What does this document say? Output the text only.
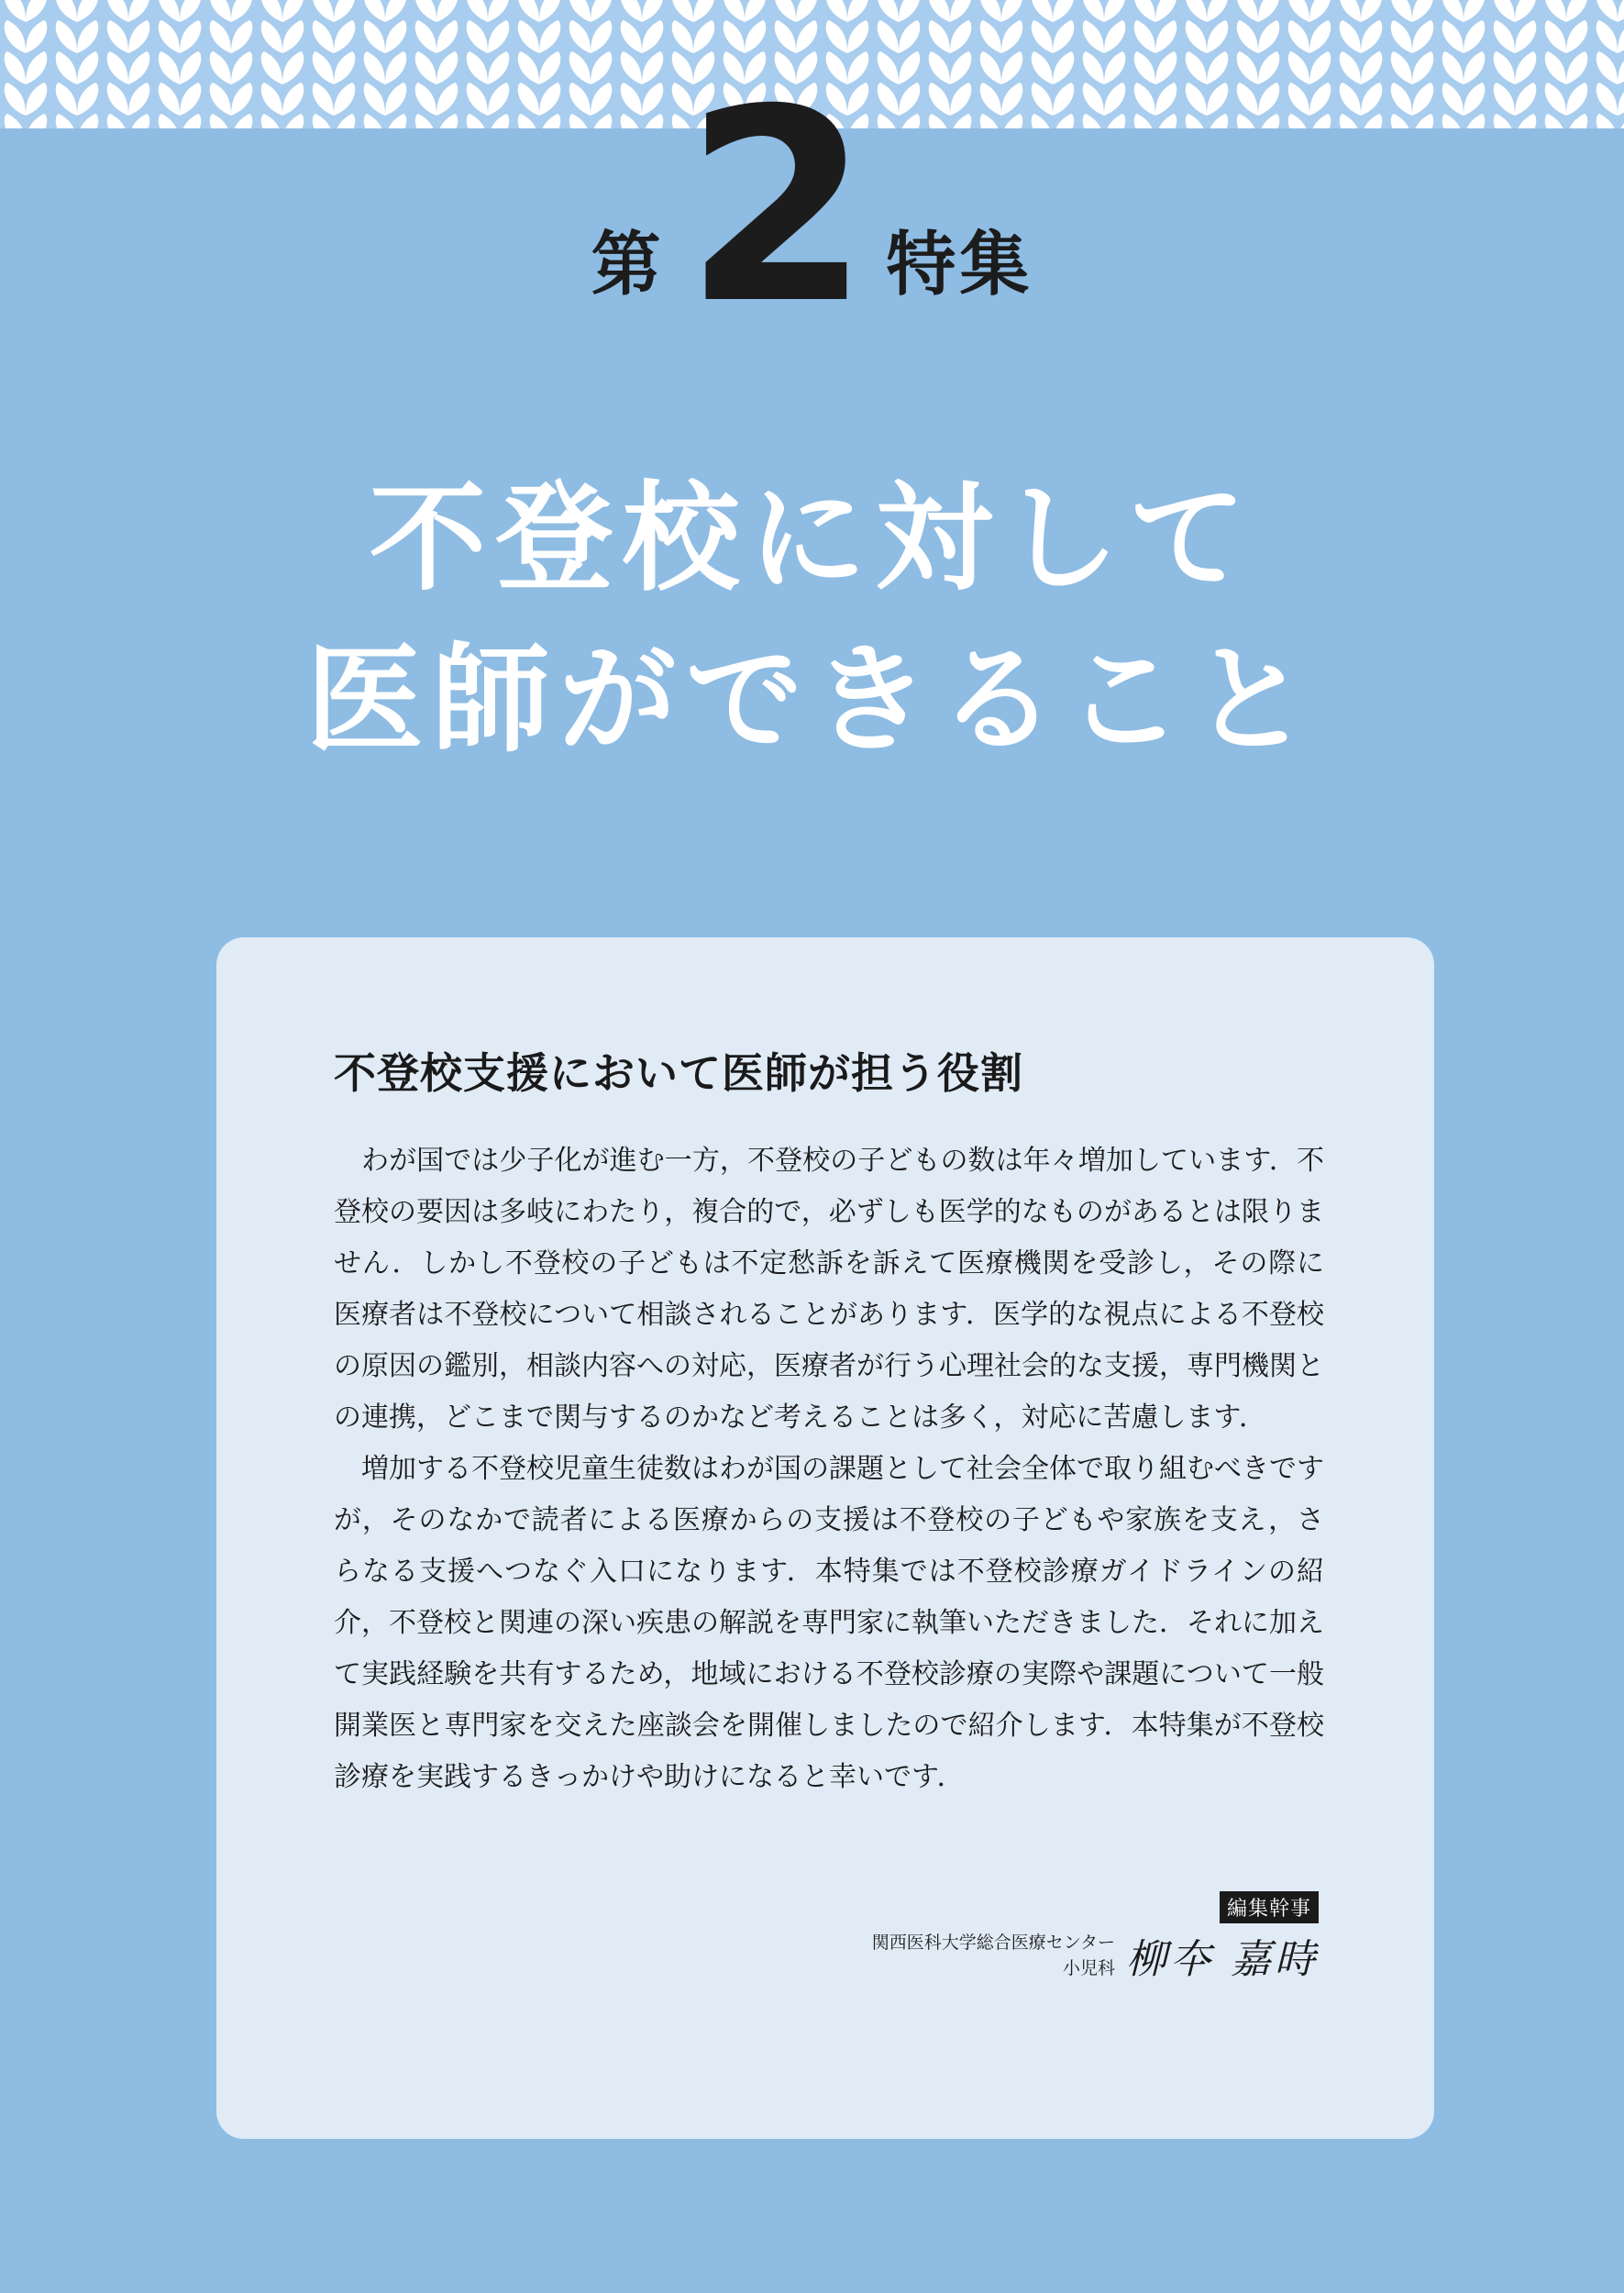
第2 特集
不登校に対して
医師ができること
不登校支援において医師が担う役割

わが国では少子化が進む一方，不登校の子どもの数は年々増加しています．不登校の要因は多岐にわたり，複合的で，必ずしも医学的なものがあるとは限りません．しかし不登校の子どもは不定愁訴を訴えて医療機関を受診し，その際に医療者は不登校について相談されることがあります．医学的な視点による不登校の原因の鑑別，相談内容への対応，医療者が行う心理社会的な支援，専門機関との連携，どこまで関与するのかなど考えることは多く，対応に苦慮します．

増加する不登校児童生徒数はわが国の課題として社会全体で取り組むべきですが，そのなかで読者による医療からの支援は不登校の子どもや家族を支え，さらなる支援へつなぐ入口になります．本特集では不登校診療ガイドラインの紹介，不登校と関連の深い疾患の解説を専門家に執筆いただきました．それに加えて実践経験を共有するため，地域における不登校診療の実際や課題について一般開業医と専門家を交えた座談会を開催しましたので紹介します．本特集が不登校診療を実践するきっかけや助けになると幸いです．

編集幹事
関西医科大学総合医療センター
小児科 柳夲 嘉時
